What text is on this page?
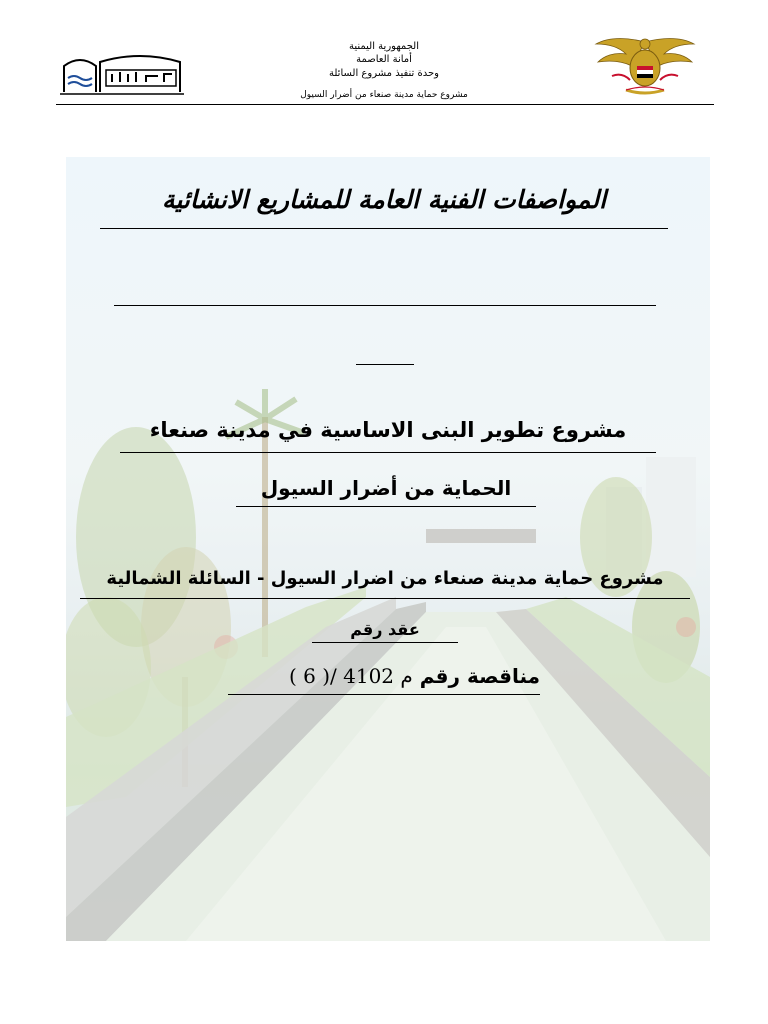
الجمهورية اليمنية
أمانة العاصمة
وحدة تنفيذ مشروع السائلة
مشروع حماية مدينة صنعاء من أضرار السيول
المواصفات الفنية العامة للمشاريع الانشائية
مشروع تطوير البنى الاساسية في مدينة صنعاء
الحماية من أضرار السيول
مشروع حماية مدينة صنعاء من اضرار السيول - السائلة الشمالية
عقد رقم
مناقصة رقم ( 6 )/ 4102 م
